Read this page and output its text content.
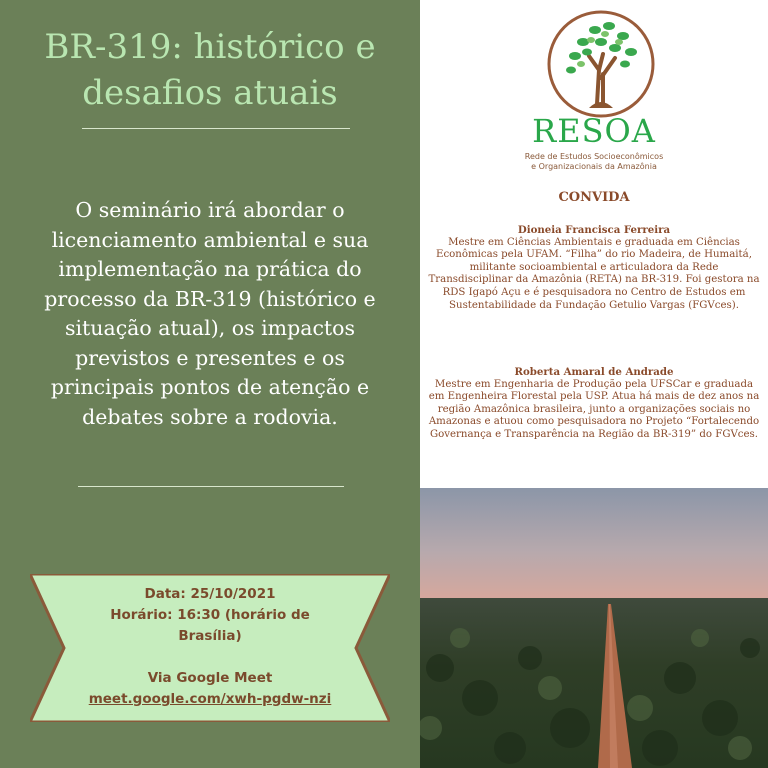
BR-319: histórico e
desafios atuais
O seminário irá abordar o licenciamento ambiental e sua implementação na prática do processo da BR-319 (histórico e situação atual), os impactos previstos e presentes e os principais pontos de atenção e debates sobre a rodovia.
Data: 25/10/2021
Horário: 16:30 (horário de Brasília)
Via Google Meet
meet.google.com/xwh-pgdw-nzi
RESOA
Rede de Estudos Socioeconômicos
e Organizacionais da Amazônia
CONVIDA
Dioneia Francisca Ferreira
Mestre em Ciências Ambientais e graduada em Ciências Econômicas pela UFAM. “Filha” do rio Madeira, de Humaitá, militante socioambiental e articuladora da Rede Transdisciplinar da Amazônia (RETA) na BR-319. Foi gestora na RDS Igapó Açu e é pesquisadora no Centro de Estudos em Sustentabilidade da Fundação Getulio Vargas (FGVces).
Roberta Amaral de Andrade
Mestre em Engenharia de Produção pela UFSCar e graduada em Engenheira Florestal pela USP. Atua há mais de dez anos na região Amazônica brasileira, junto a organizações sociais no Amazonas e atuou como pesquisadora no Projeto “Fortalecendo Governança e Transparência na Região da BR-319” do FGVces.
